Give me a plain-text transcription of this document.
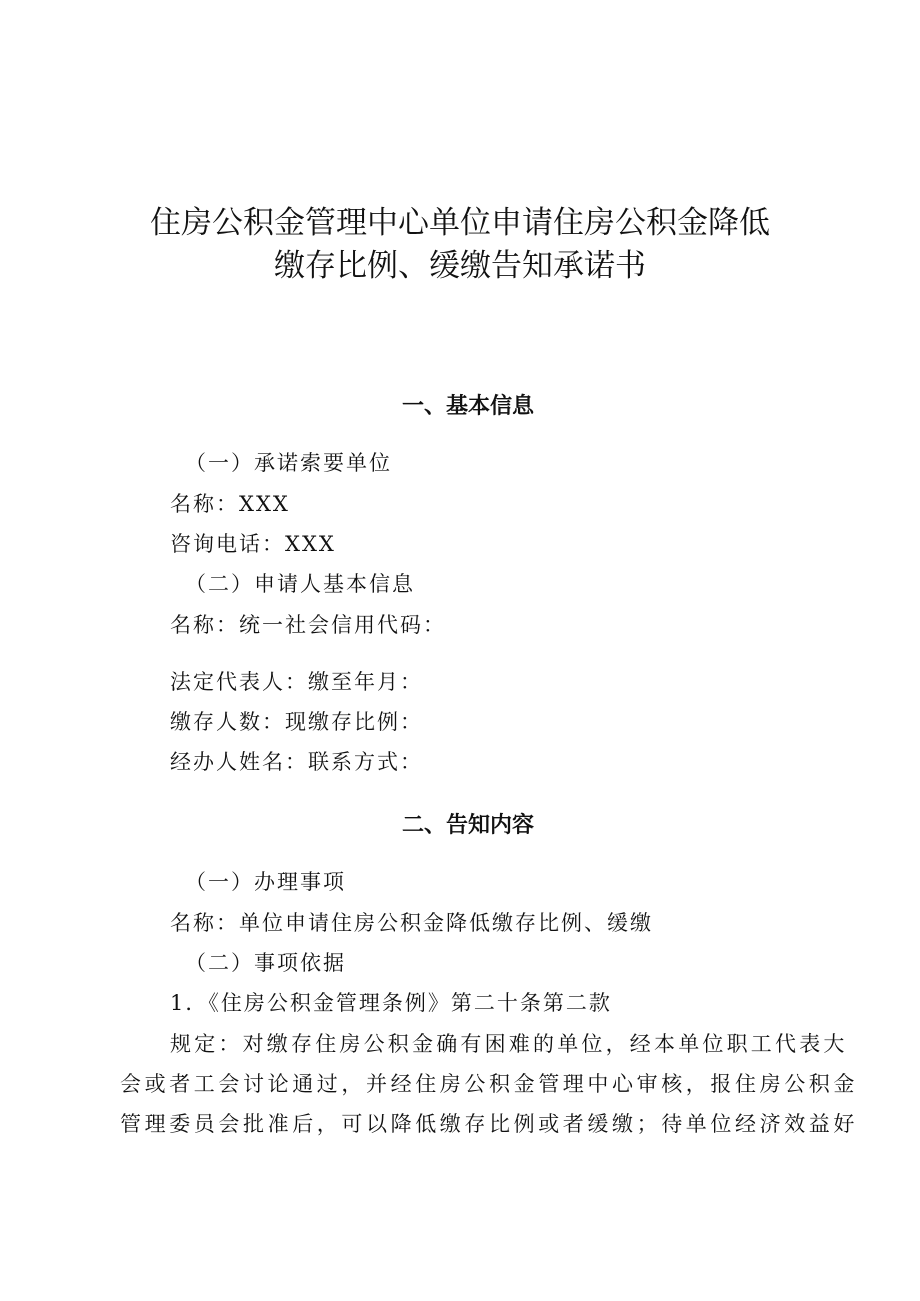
住房公积金管理中心单位申请住房公积金降低
缴存比例、缓缴告知承诺书
一、基本信息

（一）承诺索要单位

名称：XXX

咨询电话：XXX

（二）申请人基本信息

名称：统一社会信用代码：

法定代表人：缴至年月：

缴存人数：现缴存比例：

经办人姓名：联系方式：

二、告知内容

（一）办理事项

名称：单位申请住房公积金降低缴存比例、缓缴

（二）事项依据

1．《住房公积金管理条例》第二十条第二款

规定：对缴存住房公积金确有困难的单位，经本单位职工代表大

会或者工会讨论通过，并经住房公积金管理中心审核，报住房公积金

管理委员会批准后，可以降低缴存比例或者缓缴；待单位经济效益好
